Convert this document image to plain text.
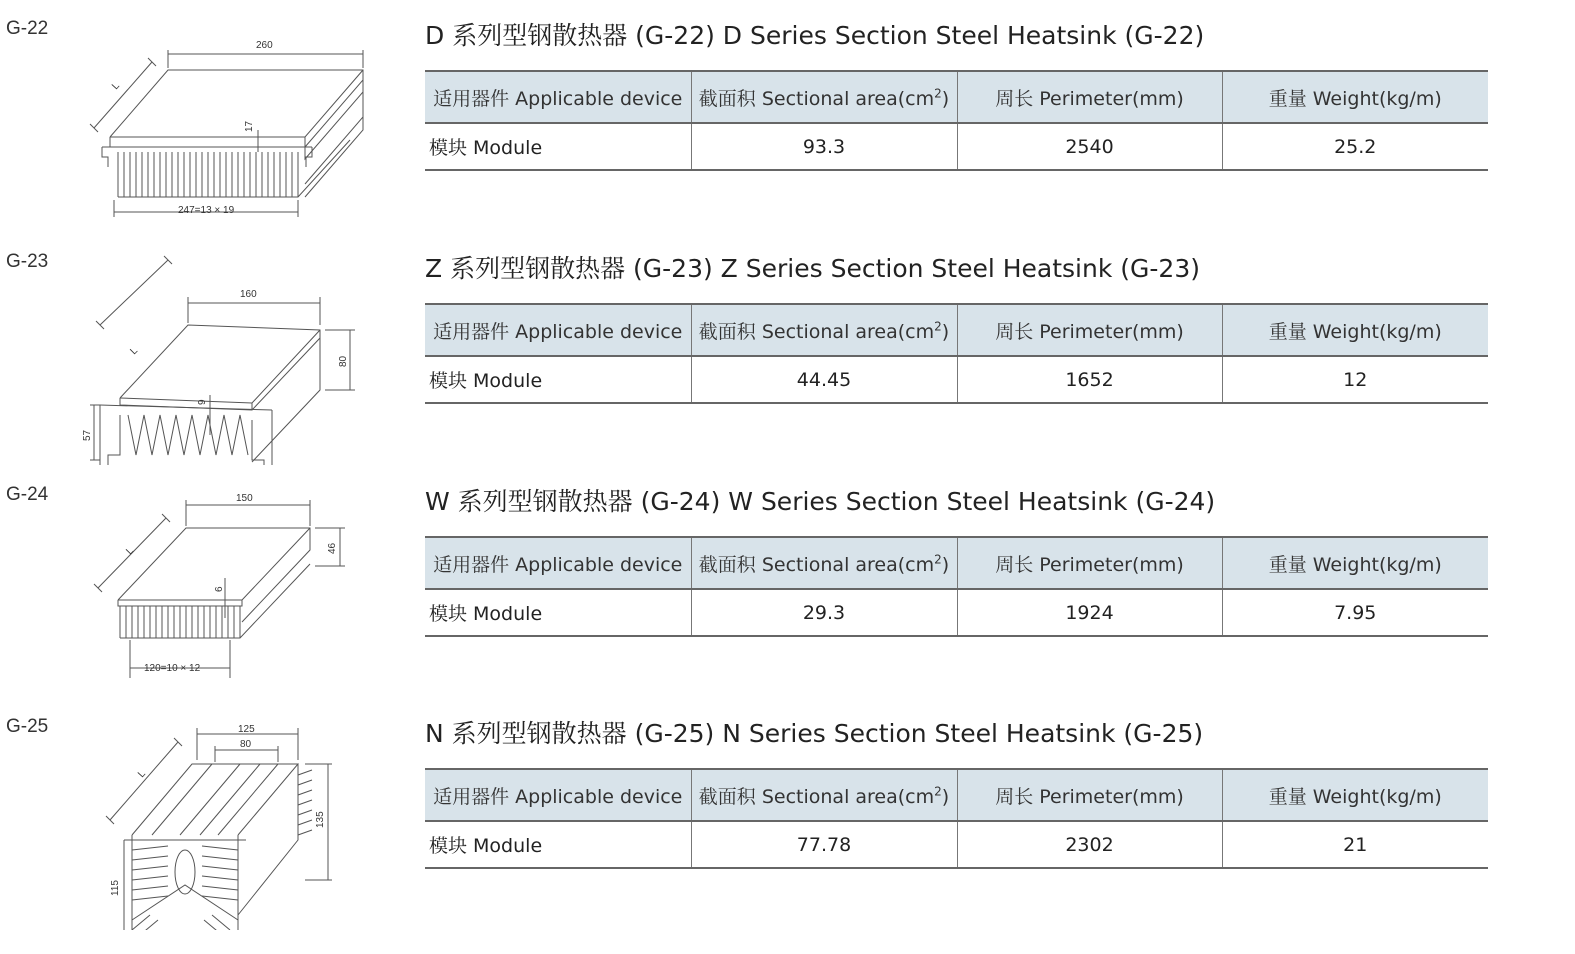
G-22
260
L
17
247=13 × 19
D 系列型钢散热器 (G-22) D Series Section Steel Heatsink (G-22)
适用器件 Applicable device	截面积 Sectional $area(cm^2)$	周长 Perimeter(mm)	重量 Weight(kg/m)
模块 Module	93.3	2540	25.2
G-23
160
L
80
9
57
Z 系列型钢散热器 (G-23) Z Series Section Steel Heatsink (G-23)
适用器件 Applicable device	截面积 Sectional $area(cm^2)$	周长 Perimeter(mm)	重量 Weight(kg/m)
模块 Module	44.45	1652	12
G-24	150
L	46
6
120=10 × 12
W 系列型钢散热器 (G-24) W Series Section Steel Heatsink (G-24)
适用器件 Applicable device	截面积 Sectional $area(cm^2)$	周长 Perimeter(mm)	重量 Weight(kg/m)
模块 Module	29.3	1924	7.95
G-25	125
80
L
135
115
N 系列型钢散热器 (G-25) N Series Section Steel Heatsink (G-25)
适用器件 Applicable device	截面积 Sectional $area(cm^2)$	周长 Perimeter(mm)	重量 Weight(kg/m)
模块 Module	77.78	2302	21
